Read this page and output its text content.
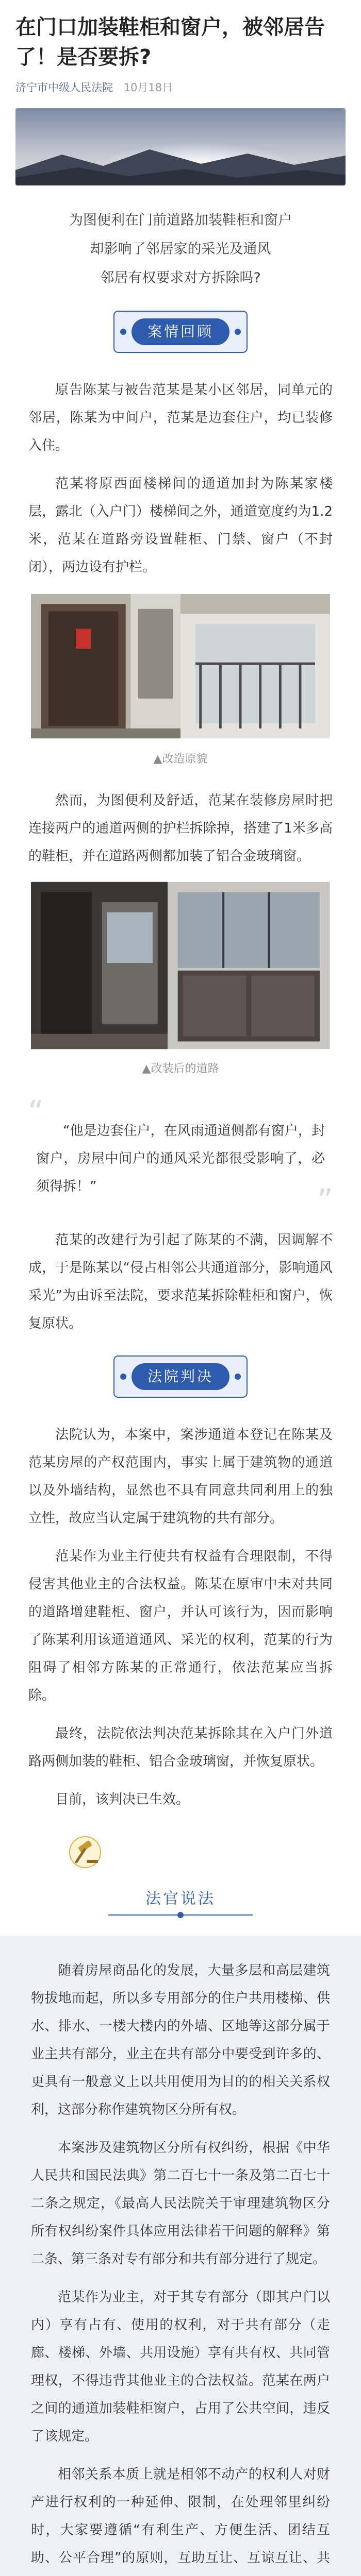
在门口加装鞋柜和窗户，被邻居告了！是否要拆?
济宁市中级人民法院 10月18日
为图便利在门前道路加装鞋柜和窗户
却影响了邻居家的采光及通风
邻居有权要求对方拆除吗?
案情回顾

原告陈某与被告范某是某小区邻居，同单元的邻居，陈某为中间户，范某是边套住户，均已装修入住。

范某将原西面楼梯间的通道加封为陈某家楼层，露北（入户门）楼梯间之外，通道宽度约为1.2米，范某在道路旁设置鞋柜、门禁、窗户（不封闭），两边设有护栏。

▲改造原貌

然而，为图便利及舒适，范某在装修房屋时把连接两户的通道两侧的护栏拆除掉，搭建了1米多高的鞋柜，并在道路两侧都加装了铝合金玻璃窗。

▲改装后的道路
“

“他是边套住户，在风雨通道侧都有窗户，封窗户，房屋中间户的通风采光都很受影响了，必须得拆！”	”

范某的改建行为引起了陈某的不满，因调解不成，于是陈某以“侵占相邻公共通道部分，影响通风采光”为由诉至法院，要求范某拆除鞋柜和窗户，恢复原状。

法院判决

法院认为，本案中，案涉通道本登记在陈某及范某房屋的产权范围内，事实上属于建筑物的通道以及外墙结构，显然也不具有同意共同利用上的独立性，故应当认定属于建筑物的共有部分。

范某作为业主行使共有权益有合理限制，不得侵害其他业主的合法权益。陈某在原审中未对共同的道路增建鞋柜、窗户，并认可该行为，因而影响了陈某利用该通道通风、采光的权利，范某的行为阻碍了相邻方陈某的正常通行，依法范某应当拆除。

最终，法院依法判决范某拆除其在入户门外道路两侧加装的鞋柜、铝合金玻璃窗，并恢复原状。

目前，该判决已生效。

法官说法

随着房屋商品化的发展，大量多层和高层建筑物拔地而起，所以多专用部分的住户共用楼梯、供水、排水、一楼大楼内的外墙、区地等这部分属于业主共有部分，业主在共有部分中要受到许多的、更具有一般意义上以共用使用为目的的相关关系权利，这部分称作建筑物区分所有权。

本案涉及建筑物区分所有权纠纷，根据《中华人民共和国民法典》第二百七十一条及第二百七十二条之规定，《最高人民法院关于审理建筑物区分所有权纠纷案件具体应用法律若干问题的解释》第二条、第三条对专有部分和共有部分进行了规定。

范某作为业主，对于其专有部分（即其户门以内）享有占有、使用的权利，对于共有部分（走廊、楼梯、外墙、共用设施）享有共有权、共同管理权，不得违背其他业主的合法权益。范某在两户之间的通道加装鞋柜窗户，占用了公共空间，违反了该规定。

相邻关系本质上就是相邻不动产的权利人对财产进行权利的一种延伸、限制，在处理邻里纠纷时，大家要遵循“有利生产、方便生活、团结互助、公平合理”的原则，互助互让、互谅互让、共
